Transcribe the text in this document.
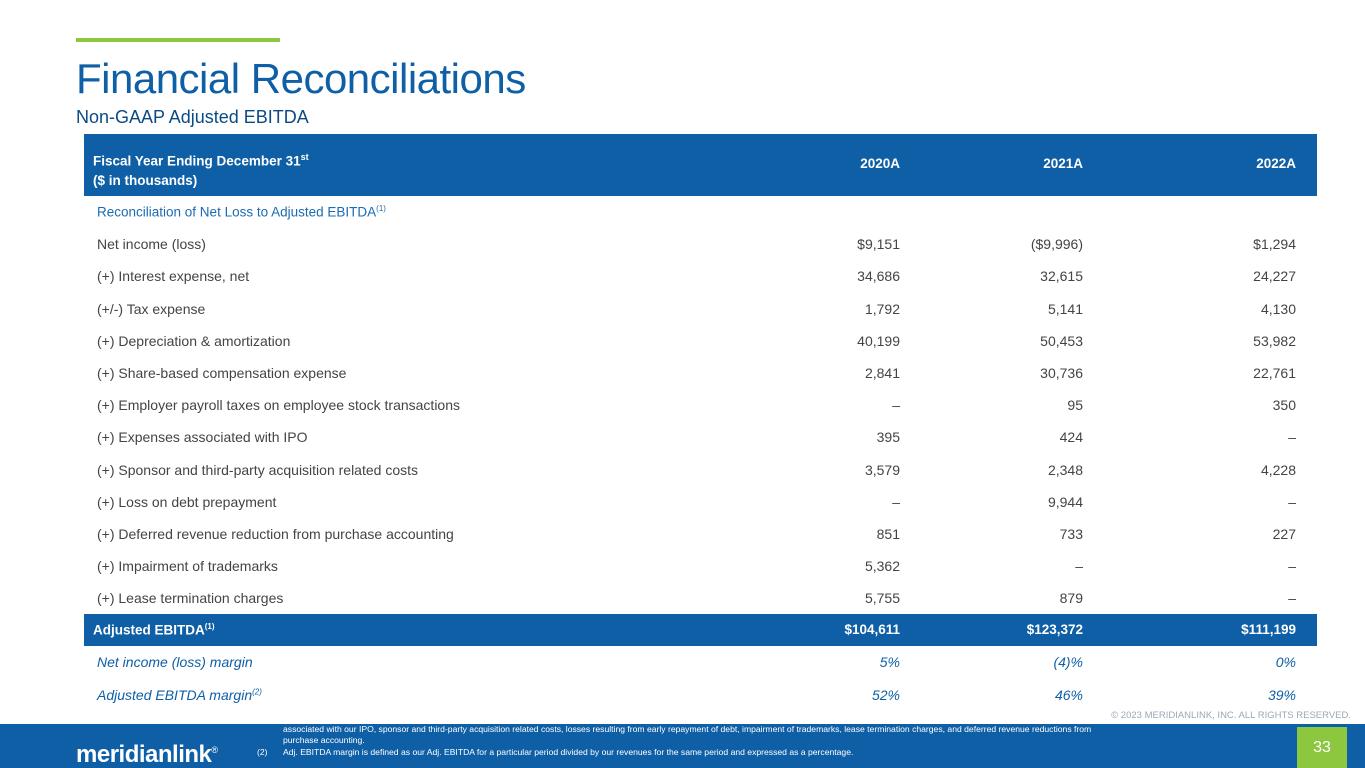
Financial Reconciliations
Non-GAAP Adjusted EBITDA
Fiscal Year Ending December 31st
($ in thousands)
2020A	2021A	2022A
Reconciliation of Net Loss to Adjusted EBITDA$^{(1)}$
Net income (loss)	$9,151	($9,996)	$1,294
(+) Interest expense, net	34,686	32,615	24,227
(+/-) Tax expense	1,792	5,141	4,130
(+) Depreciation & amortization	40,199	50,453	53,982
(+) Share-based compensation expense	2,841	30,736	22,761
(+) Employer payroll taxes on employee stock transactions	–	95	350
(+) Expenses associated with IPO	395	424	–
(+) Sponsor and third-party acquisition related costs	3,579	2,348	4,228
(+) Loss on debt prepayment	–	9,944	–
(+) Deferred revenue reduction from purchase accounting	851	733	227
(+) Impairment of trademarks	5,362	–	–
(+) Lease termination charges	5,755	879	–
Adjusted EBITDA$^{(1)}$	$104,611	$123,372	$111,199
Net income (loss) margin	5%	(4)%	0%
Adjusted EBITDA margin$^{(2)}$	52%	46%	39%
meridianlink®
(1) We define Adj. EBITDA as net income (loss) before interest expense, taxes, depreciation, amortization, share-based compensation expense, employer payroll taxes on employee stock transactions, certain expenses associated with our IPO, sponsor and third-party acquisition related costs, losses resulting from early repayment of debt, impairment of trademarks, lease termination charges, and deferred revenue reductions from purchase accounting.
(2) Adj. EBITDA margin is defined as our Adj. EBITDA for a particular period divided by our revenues for the same period and expressed as a percentage.
© 2023 MERIDIANLINK, INC. ALL RIGHTS RESERVED.
33
